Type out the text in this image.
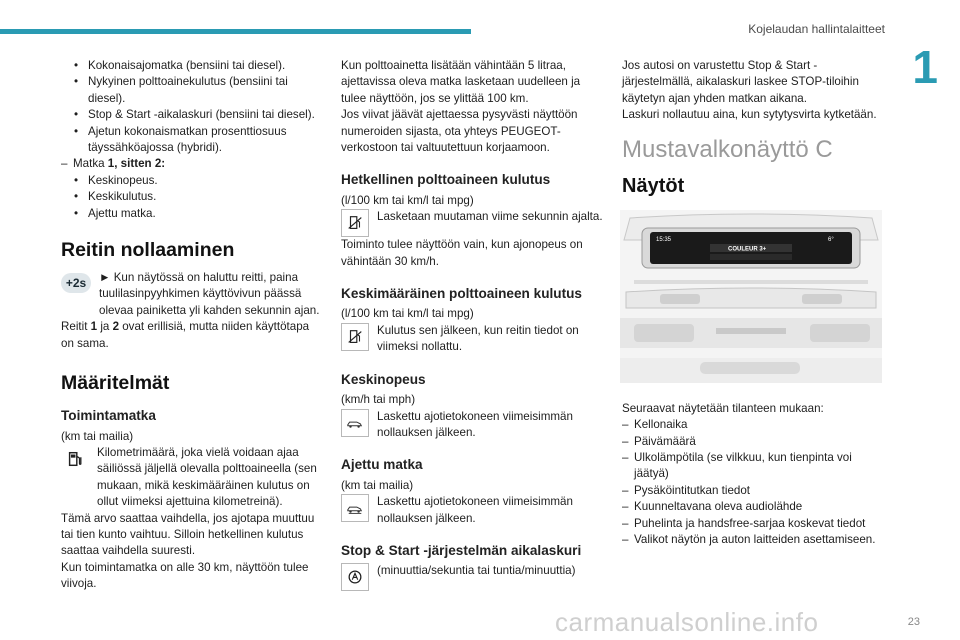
Kojelaudan hallintalaitteet
1
23
carmanualsonline.info
• Kokonaisajomatka (bensiini tai diesel).
• Nykyinen polttoainekulutus (bensiini tai diesel).
• Stop & Start -aikalaskuri (bensiini tai diesel).
• Ajetun kokonaismatkan prosenttiosuus täyssähköajossa (hybridi).
– Matka 1, sitten 2:
• Keskinopeus.
• Keskikulutus.
• Ajettu matka.
Reitin nollaaminen
+2s	► Kun näytössä on haluttu reitti, paina tuulilasinpyyhkimen käyttövivun päässä olevaa painiketta yli kahden sekunnin ajan.

Reitit 1 ja 2 ovat erillisiä, mutta niiden käyttötapa on sama.

Määritelmät
Toimintamatka

(km tai mailia)

Kilometrimäärä, joka vielä voidaan ajaa säiliössä jäljellä olevalla polttoaineella (sen mukaan, mikä keskimääräinen kulutus on ollut viimeksi ajettuina kilometreinä).

Tämä arvo saattaa vaihdella, jos ajotapa muuttuu tai tien kunto vaihtuu. Silloin hetkellinen kulutus saattaa vaihdella suuresti.

Kun toimintamatka on alle 30 km, näyttöön tulee viivoja.

Kun polttoainetta lisätään vähintään 5 litraa, ajettavissa oleva matka lasketaan uudelleen ja tulee näyttöön, jos se ylittää 100 km.

Jos viivat jäävät ajettaessa pysyvästi näyttöön numeroiden sijasta, ota yhteys PEUGEOT-verkostoon tai valtuutettuun korjaamoon.

Hetkellinen polttoaineen kulutus

(l/100 km tai km/l tai mpg)

Lasketaan muutaman viime sekunnin ajalta.

Toiminto tulee näyttöön vain, kun ajonopeus on vähintään 30 km/h.

Keskimääräinen polttoaineen kulutus

(l/100 km tai km/l tai mpg)

Kulutus sen jälkeen, kun reitin tiedot on viimeksi nollattu.

Keskinopeus

(km/h tai mph)

Laskettu ajotietokoneen viimeisimmän nollauksen jälkeen.

Ajettu matka

(km tai mailia)

Laskettu ajotietokoneen viimeisimmän nollauksen jälkeen.

Stop & Start -järjestelmän aikalaskuri

(minuuttia/sekuntia tai tuntia/minuuttia)

Jos autosi on varustettu Stop & Start -järjestelmällä, aikalaskuri laskee STOP-tiloihin käytetyn ajan yhden matkan aikana.

Laskuri nollautuu aina, kun sytytysvirta kytketään.

Mustavalkonäyttö C
Näytöt
15:35	6°
COULEUR 3+

Seuraavat näytetään tilanteen mukaan:

– Kellonaika
– Päivämäärä
– Ulkolämpötila (se vilkkuu, kun tienpinta voi jäätyä)
– Pysäköintitutkan tiedot
– Kuunneltavana oleva audiolähde
– Puhelinta ja handsfree-sarjaa koskevat tiedot
– Valikot näytön ja auton laitteiden asettamiseen.
